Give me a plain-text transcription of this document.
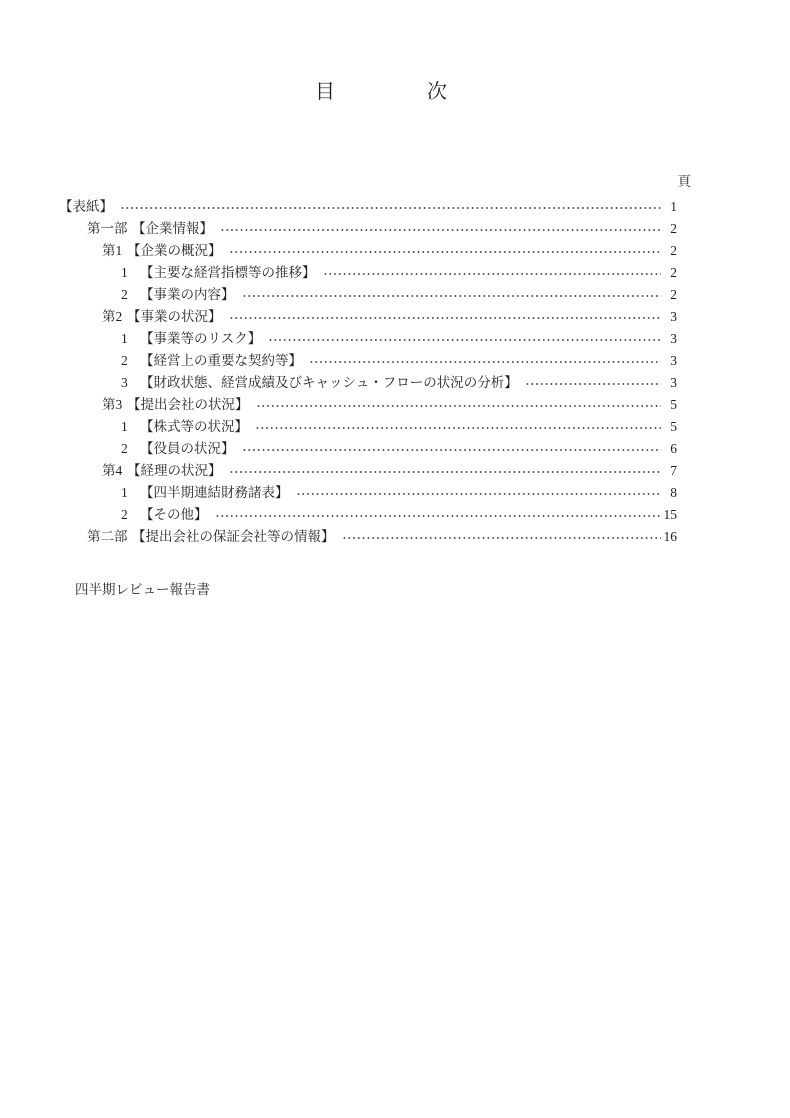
目次
頁
【表紙】	1
第一部 【企業情報】	2
第1 【企業の概況】	2
1 【主要な経営指標等の推移】	2
2 【事業の内容】	2
第2 【事業の状況】	3
1 【事業等のリスク】	3
2 【経営上の重要な契約等】	3
3 【財政状態、経営成績及びキャッシュ・フローの状況の分析】	3
第3 【提出会社の状況】	5
1 【株式等の状況】	5
2 【役員の状況】	6
第4 【経理の状況】	7
1 【四半期連結財務諸表】	8
2 【その他】	15
第二部 【提出会社の保証会社等の情報】	16
四半期レビュー報告書
